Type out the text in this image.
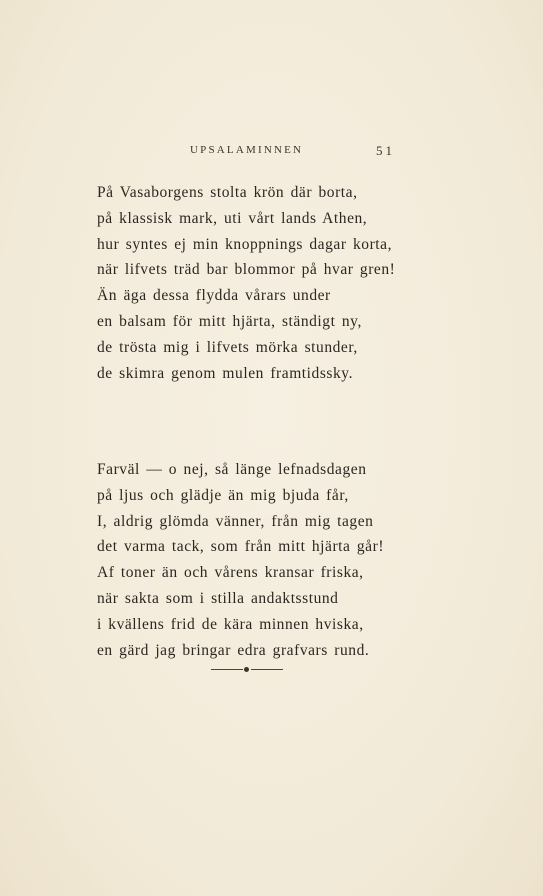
UPSALAMINNEN	51
På Vasaborgens stolta krön där borta,
på klassisk mark, uti vårt lands Athen,
hur syntes ej min knoppnings dagar korta,
när lifvets träd bar blommor på hvar gren!
Än äga dessa flydda vårars under
en balsam för mitt hjärta, ständigt ny,
de trösta mig i lifvets mörka stunder,
de skimra genom mulen framtidssky.
Farväl — o nej, så länge lefnadsdagen
på ljus och glädje än mig bjuda får,
I, aldrig glömda vänner, från mig tagen
det varma tack, som från mitt hjärta går!
Af toner än och vårens kransar friska,
när sakta som i stilla andaktsstund
i kvällens frid de kära minnen hviska,
en gärd jag bringar edra grafvars rund.
